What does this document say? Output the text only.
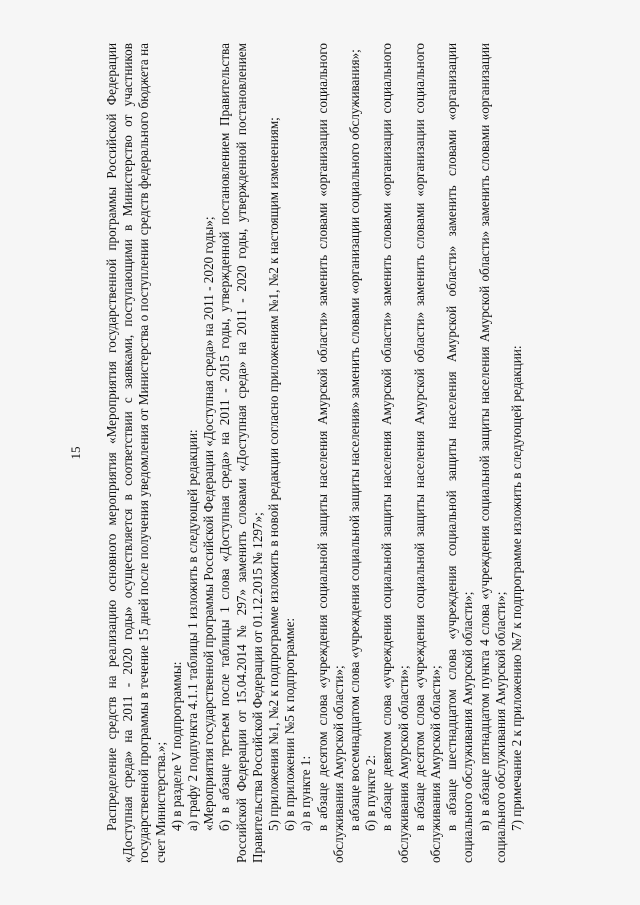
15 Распределение средств на реализацию основного мероприятия «Мероприятия государственной программы Российской Федерации «Доступная среда» на 2011 - 2020 годы» осуществляется в соответствии с заявками, поступающими в Министерство от участников государственной программы в течение 15 дней после получения уведомления от Министерства о поступлении средств федерального бюджета на счет Министерства.»; 4) в разделе V подпрограммы: а) графу 2 подпункта 4.1.1 таблицы 1 изложить в следующей редакции: «Мероприятия государственной программы Российской Федерации «Доступная среда» на 2011 - 2020 годы»; б) в абзаце третьем после таблицы 1 слова «Доступная среда» на 2011 - 2015 годы, утвержденной постановлением Правительства Российской Федерации от 15.04.2014 № 297» заменить словами «Доступная среда» на 2011 - 2020 годы, утвержденной постановлением Правительства Российской Федерации от 01.12.2015 № 1297»; 5) приложения №1, №2 к подпрограмме изложить в новой редакции согласно приложениям №1, №2 к настоящим изменениям; 6) в приложении №5 к подпрограмме: а) в пункте 1: в абзаце десятом слова «учреждения социальной защиты населения Амурской области» заменить словами «организации социального обслуживания Амурской области»; в абзаце восемнадцатом слова «учреждения социальной защиты населения» заменить словами «организации социального обслуживания»; б) в пункте 2: в абзаце девятом слова «учреждения социальной защиты населения Амурской области» заменить словами «организации социального обслуживания Амурской области»; в абзаце десятом слова «учреждения социальной защиты населения Амурской области» заменить словами «организации социального обслуживания Амурской области»; в абзаце шестнадцатом слова «учреждения социальной защиты населения Амурской области» заменить словами «организации социального обслуживания Амурской области»; в) в абзаце пятнадцатом пункта 4 слова «учреждения социальной защиты населения Амурской области» заменить словами «организации социального обслуживания Амурской области»; 7) примечание 2 к приложению №7 к подпрограмме изложить в следующей редакции:
